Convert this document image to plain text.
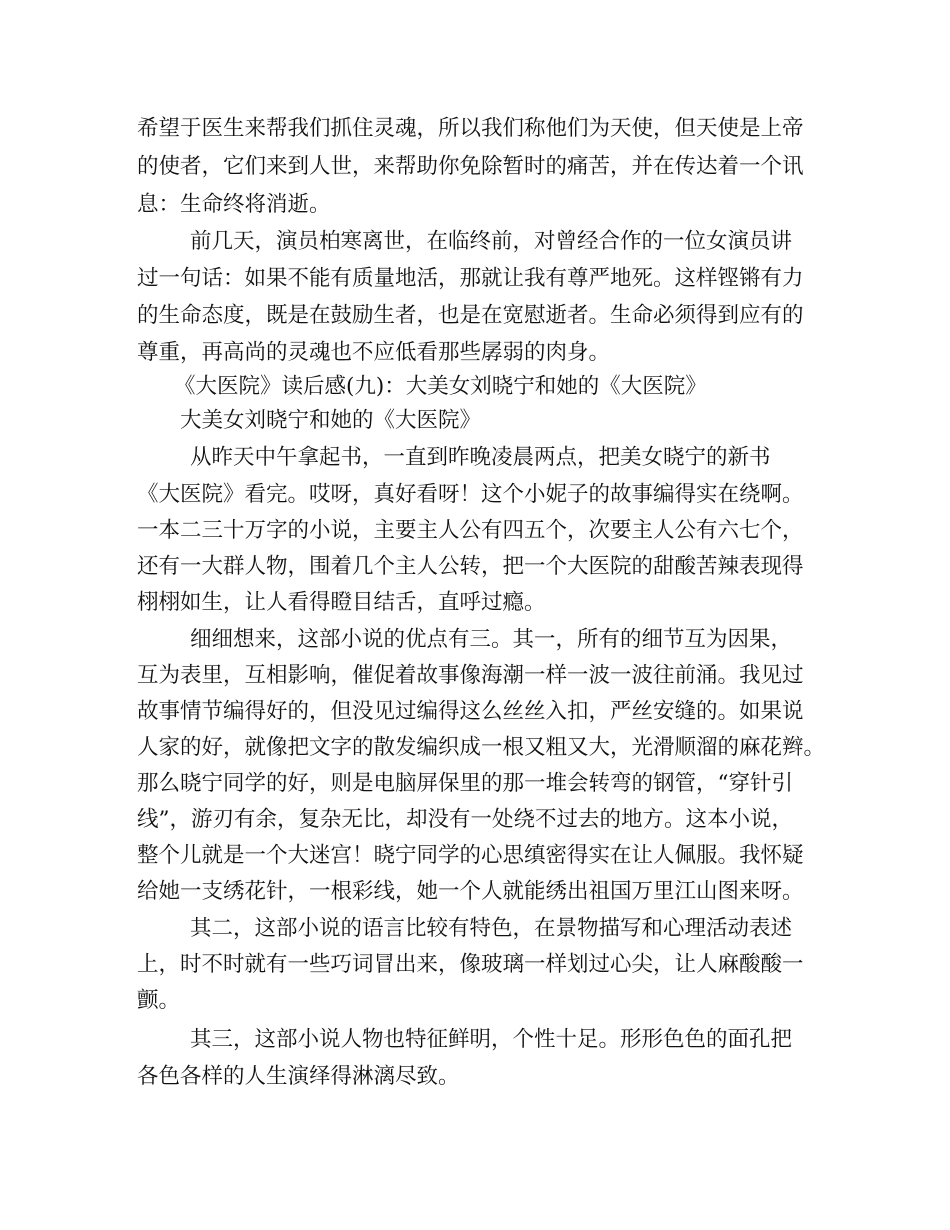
希望于医生来帮我们抓住灵魂，所以我们称他们为天使，但天使是上帝

的使者，它们来到人世，来帮助你免除暂时的痛苦，并在传达着一个讯

息：生命终将消逝。

前几天，演员柏寒离世，在临终前，对曾经合作的一位女演员讲

过一句话：如果不能有质量地活，那就让我有尊严地死。这样铿锵有力

的生命态度，既是在鼓励生者，也是在宽慰逝者。生命必须得到应有的

尊重，再高尚的灵魂也不应低看那些孱弱的肉身。

《大医院》读后感(九)：大美女刘晓宁和她的《大医院》

大美女刘晓宁和她的《大医院》

从昨天中午拿起书，一直到昨晚凌晨两点，把美女晓宁的新书

《大医院》看完。哎呀，真好看呀！这个小妮子的故事编得实在绕啊。

一本二三十万字的小说，主要主人公有四五个，次要主人公有六七个，

还有一大群人物，围着几个主人公转，把一个大医院的甜酸苦辣表现得

栩栩如生，让人看得瞪目结舌，直呼过瘾。

细细想来，这部小说的优点有三。其一，所有的细节互为因果，

互为表里，互相影响，催促着故事像海潮一样一波一波往前涌。我见过

故事情节编得好的，但没见过编得这么丝丝入扣，严丝安缝的。如果说

人家的好，就像把文字的散发编织成一根又粗又大，光滑顺溜的麻花辫。

那么晓宁同学的好，则是电脑屏保里的那一堆会转弯的钢管，“穿针引

线”，游刃有余，复杂无比，却没有一处绕不过去的地方。这本小说，

整个儿就是一个大迷宫！晓宁同学的心思缜密得实在让人佩服。我怀疑

给她一支绣花针，一根彩线，她一个人就能绣出祖国万里江山图来呀。

其二，这部小说的语言比较有特色，在景物描写和心理活动表述

上，时不时就有一些巧词冒出来，像玻璃一样划过心尖，让人麻酸酸一

颤。

其三，这部小说人物也特征鲜明，个性十足。形形色色的面孔把

各色各样的人生演绎得淋漓尽致。
